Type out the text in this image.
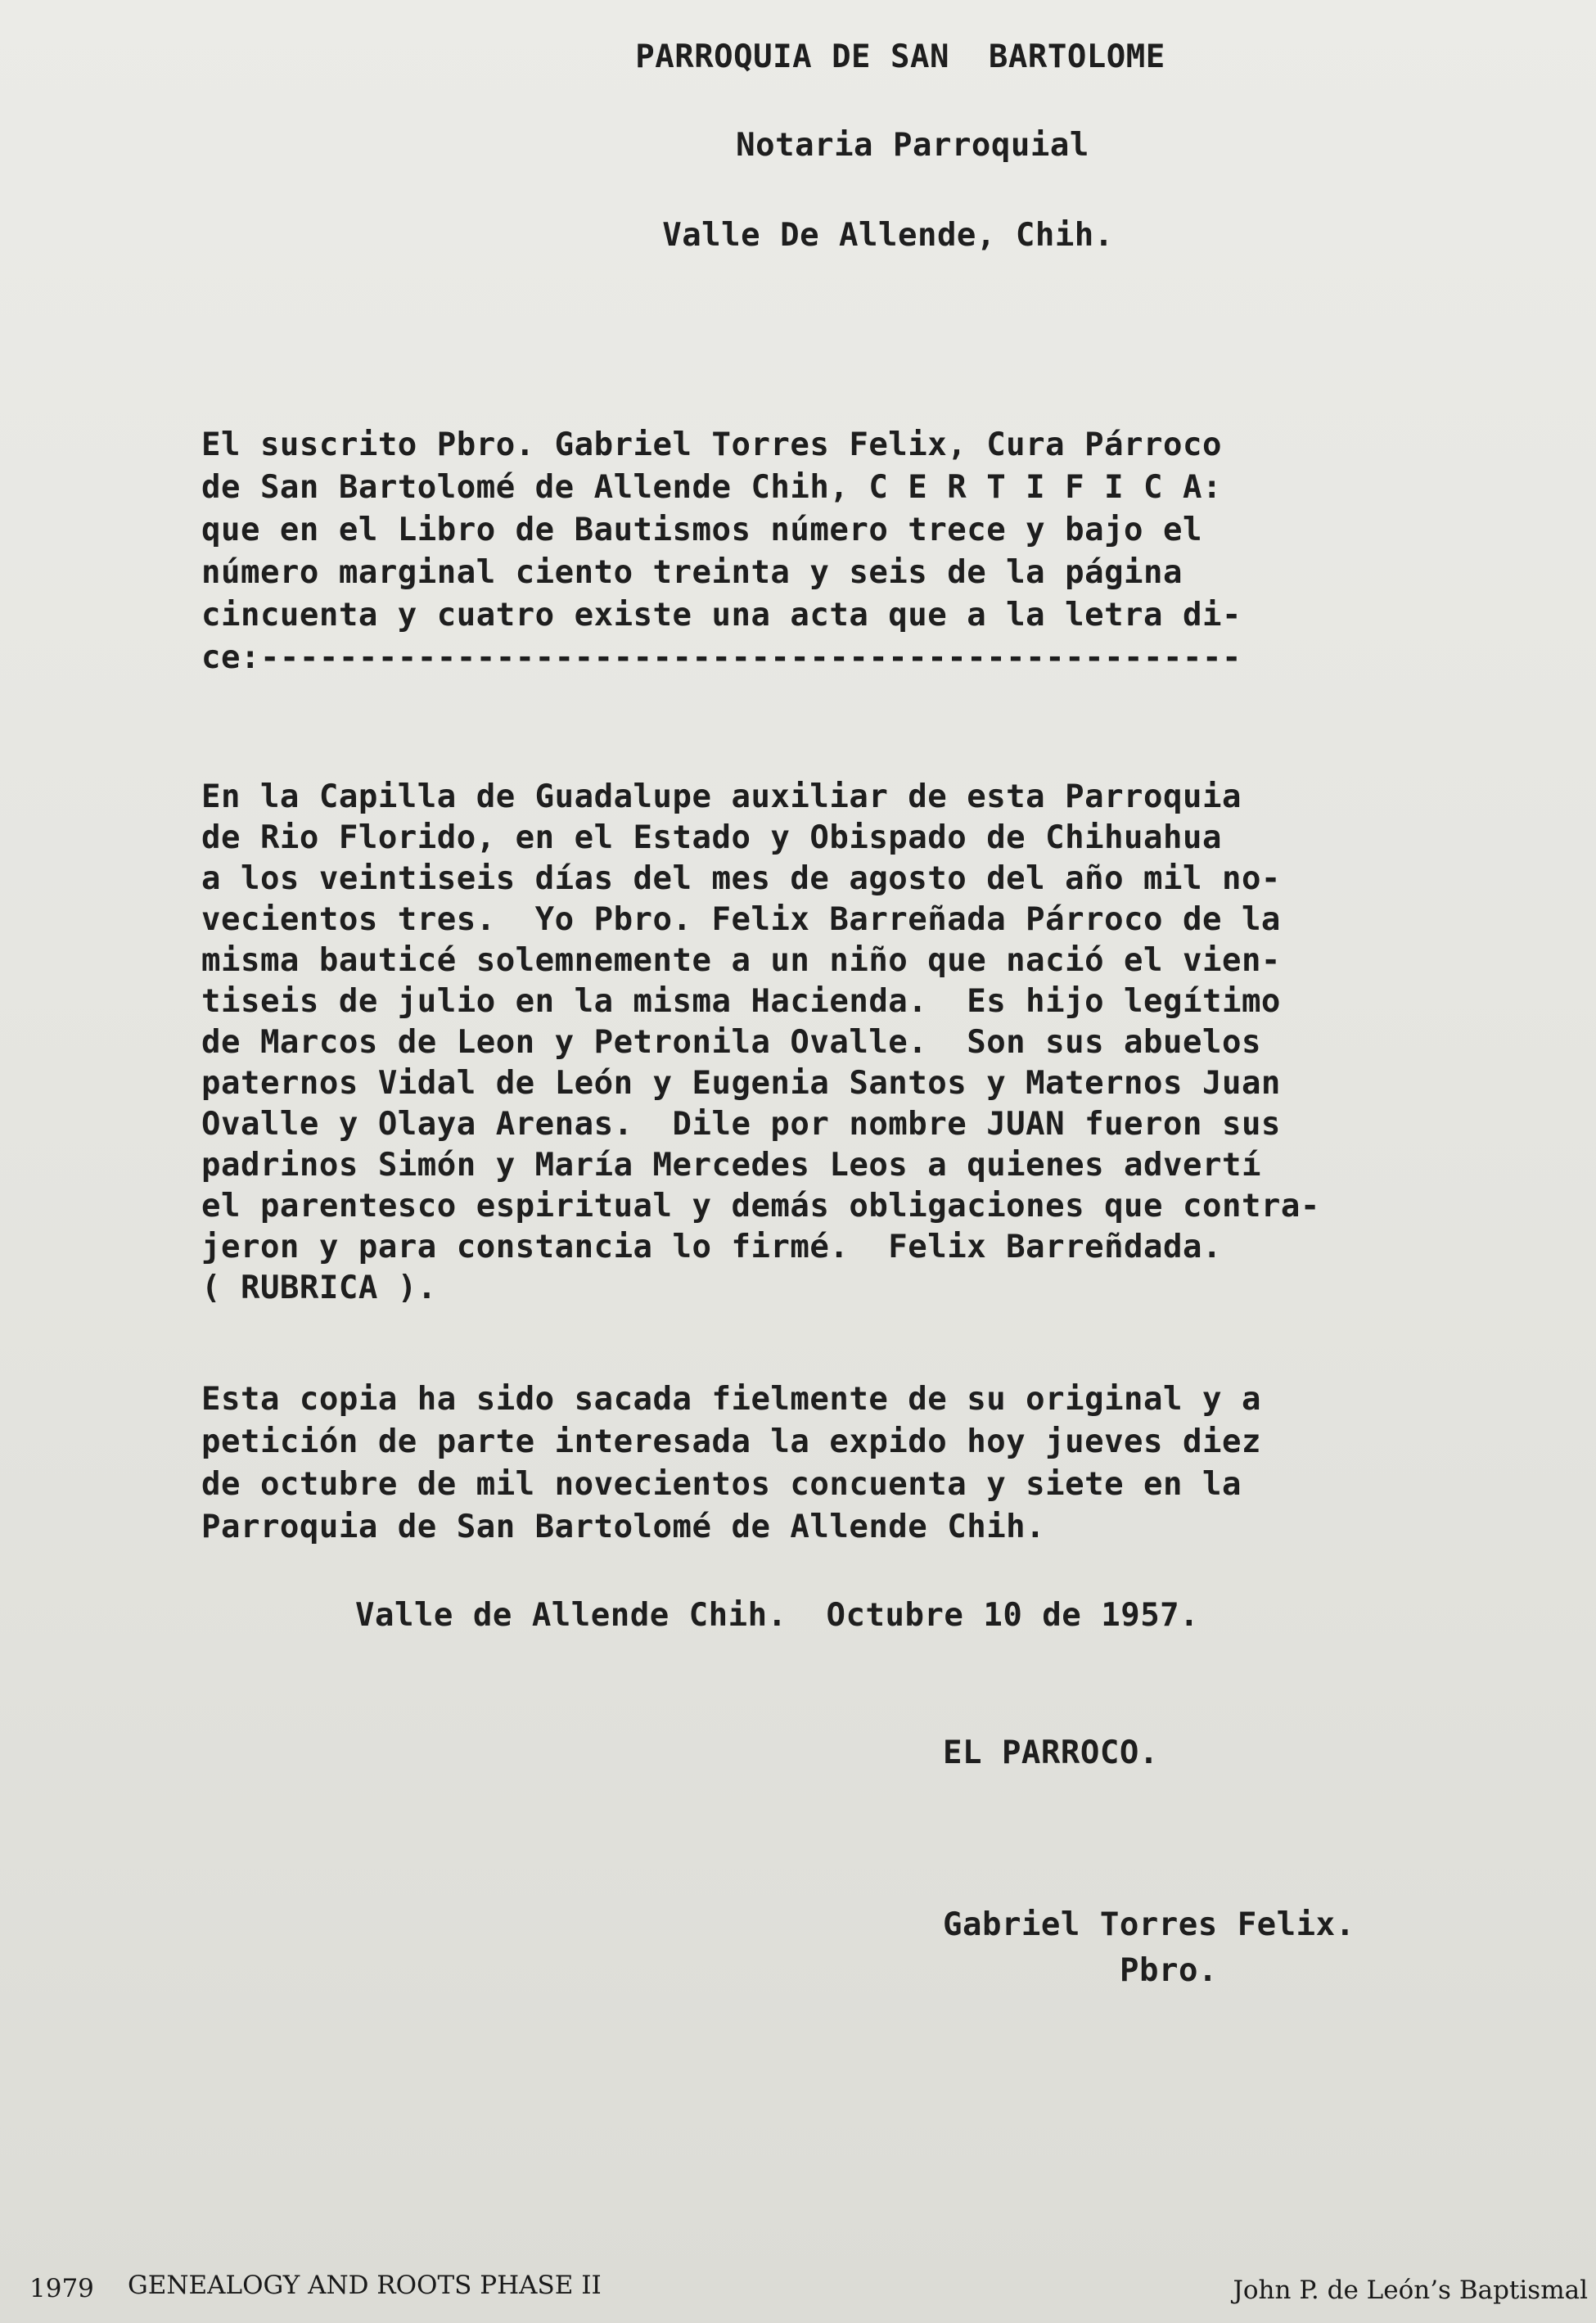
PARROQUIA DE SAN  BARTOLOME
Notaria Parroquial
Valle De Allende, Chih.
El suscrito Pbro. Gabriel Torres Felix, Cura Párroco
de San Bartolomé de Allende Chih, C E R T I F I C A:
que en el Libro de Bautismos número trece y bajo el
número marginal ciento treinta y seis de la página
cincuenta y cuatro existe una acta que a la letra di-
ce:--------------------------------------------------
En la Capilla de Guadalupe auxiliar de esta Parroquia
de Rio Florido, en el Estado y Obispado de Chihuahua
a los veintiseis días del mes de agosto del año mil no-
vecientos tres.  Yo Pbro. Felix Barreñada Párroco de la
misma bauticé solemnemente a un niño que nació el vien-
tiseis de julio en la misma Hacienda.  Es hijo legítimo
de Marcos de Leon y Petronila Ovalle.  Son sus abuelos
paternos Vidal de León y Eugenia Santos y Maternos Juan
Ovalle y Olaya Arenas.  Dile por nombre JUAN fueron sus
padrinos Simón y María Mercedes Leos a quienes advertí
el parentesco espiritual y demás obligaciones que contra-
jeron y para constancia lo firmé.  Felix Barreñdada.
( RUBRICA ).
Esta copia ha sido sacada fielmente de su original y a
petición de parte interesada la expido hoy jueves diez
de octubre de mil novecientos concuenta y siete en la
Parroquia de San Bartolomé de Allende Chih.
Valle de Allende Chih.  Octubre 10 de 1957.
EL PARROCO.
Gabriel Torres Felix.
Pbro.
1979 GENEALOGY AND ROOTS PHASE II	John P. de León’s Baptismal
